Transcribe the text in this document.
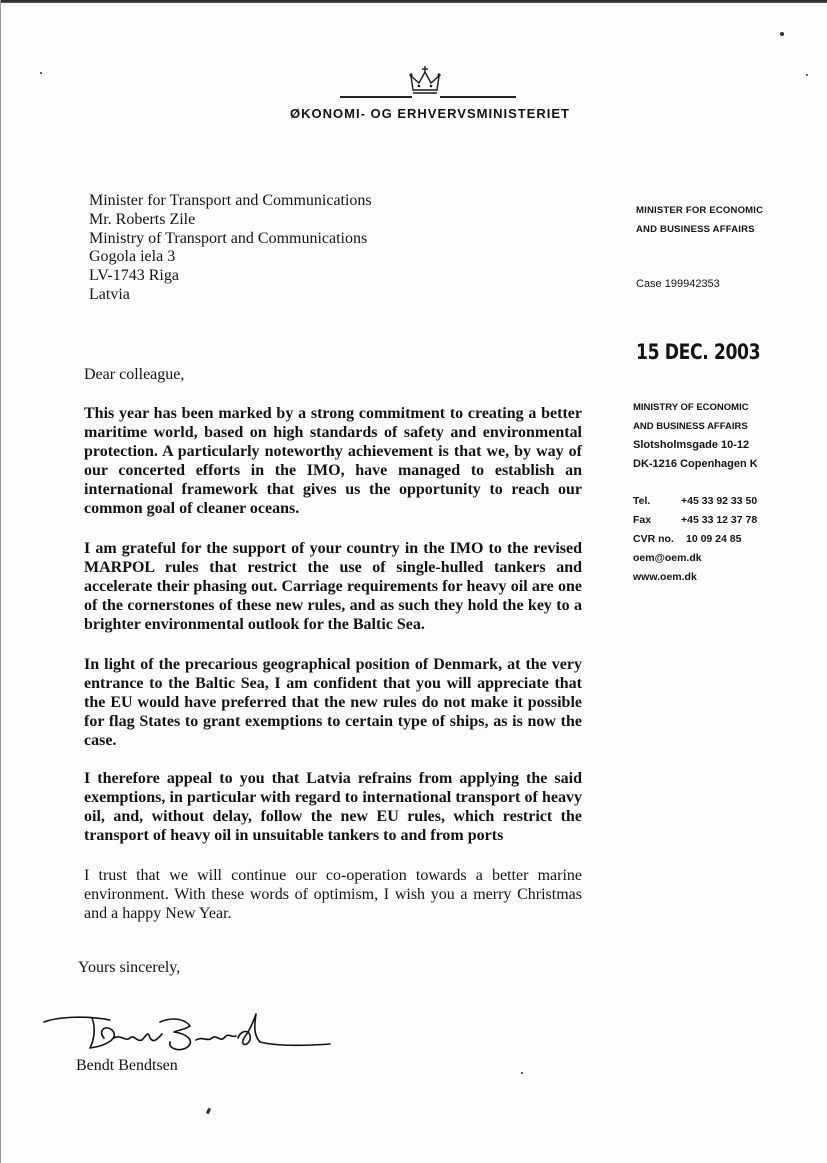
ØKONOMI- OG ERHVERVSMINISTERIET
Minister for Transport and Communications
Mr. Roberts Zile
Ministry of Transport and Communications
Gogola iela 3
LV-1743 Riga
Latvia
MINISTER FOR ECONOMIC
AND BUSINESS AFFAIRS
Case 199942353
15 DEC. 2003
MINISTRY OF ECONOMIC
AND BUSINESS AFFAIRS
Slotsholmsgade 10-12
DK-1216 Copenhagen K
Tel.	+45 33 92 33 50
Fax	+45 33 12 37 78
CVR no.	10 09 24 85
oem@oem.dk
www.oem.dk
Dear colleague,

This year has been marked by a strong commitment to creating a better maritime world, based on high standards of safety and environmental protection. A particularly noteworthy achievement is that we, by way of our concerted efforts in the IMO, have managed to establish an international framework that gives us the opportunity to reach our common goal of cleaner oceans.

I am grateful for the support of your country in the IMO to the revised MARPOL rules that restrict the use of single-hulled tankers and accelerate their phasing out. Carriage requirements for heavy oil are one of the cornerstones of these new rules, and as such they hold the key to a brighter environmental outlook for the Baltic Sea.

In light of the precarious geographical position of Denmark, at the very entrance to the Baltic Sea, I am confident that you will appreciate that the EU would have preferred that the new rules do not make it possible for flag States to grant exemptions to certain type of ships, as is now the case.

I therefore appeal to you that Latvia refrains from applying the said exemptions, in particular with regard to international transport of heavy oil, and, without delay, follow the new EU rules, which restrict the transport of heavy oil in unsuitable tankers to and from ports

I trust that we will continue our co-operation towards a better marine environment. With these words of optimism, I wish you a merry Christmas and a happy New Year.

Yours sincerely,
Bendt Bendtsen
